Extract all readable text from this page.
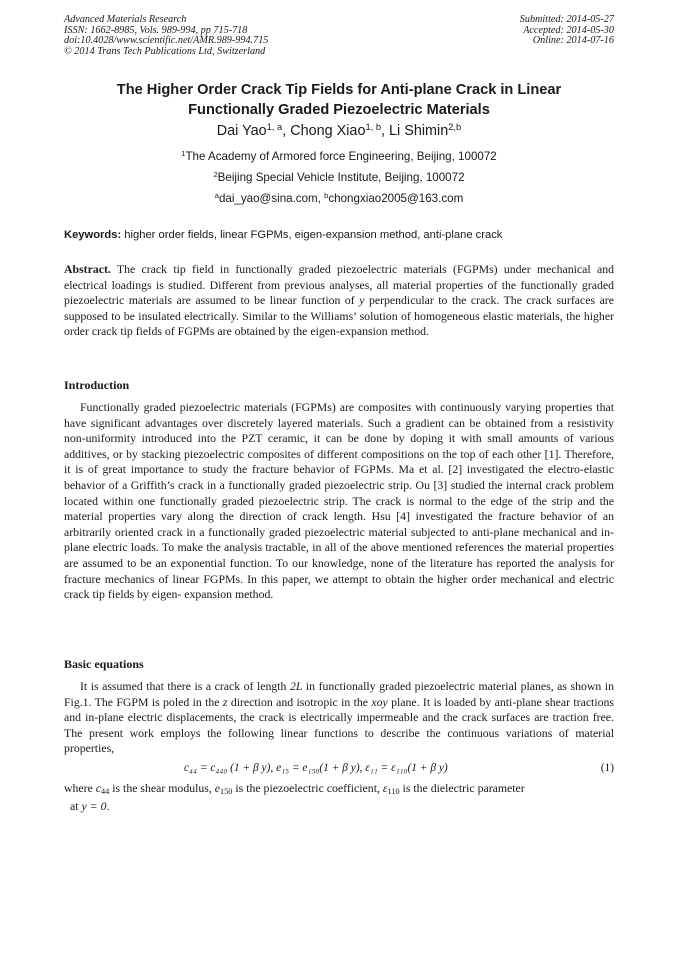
Advanced Materials Research
ISSN: 1662-8985, Vols. 989-994, pp 715-718
doi:10.4028/www.scientific.net/AMR.989-994.715
© 2014 Trans Tech Publications Ltd, Switzerland
Submitted: 2014-05-27
Accepted: 2014-05-30
Online: 2014-07-16
The Higher Order Crack Tip Fields for Anti-plane Crack in Linear
Functionally Graded Piezoelectric Materials
Dai Yao$^{1, a}$, Chong Xiao$^{1, b}$, Li Shimin$^{2,b}$
$^1$The Academy of Armored force Engineering, Beijing, 100072
$^2$Beijing Special Vehicle Institute, Beijing, 100072
$^a$dai_yao@sina.com, $^b$chongxiao2005@163.com
Keywords: higher order fields, linear FGPMs, eigen-expansion method, anti-plane crack
Abstract. The crack tip field in functionally graded piezoelectric materials (FGPMs) under mechanical and electrical loadings is studied. Different from previous analyses, all material properties of the functionally graded piezoelectric materials are assumed to be linear function of y perpendicular to the crack. The crack surfaces are supposed to be insulated electrically. Similar to the Williams’ solution of homogeneous elastic materials, the higher order crack tip fields of FGPMs are obtained by the eigen-expansion method.
Introduction
Functionally graded piezoelectric materials (FGPMs) are composites with continuously varying properties that have significant advantages over discretely layered materials. Such a gradient can be obtained from a resistivity non-uniformity introduced into the PZT ceramic, it can be done by doping it with small amounts of various additives, or by stacking piezoelectric composites of different compositions on the top of each other [1]. Therefore, it is of great importance to study the fracture behavior of FGPMs. Ma et al. [2] investigated the electro-elastic behavior of a Griffith’s crack in a functionally graded piezoelectric strip. Ou [3] studied the internal crack problem located within one functionally graded piezoelectric strip. The crack is normal to the edge of the strip and the material properties vary along the direction of crack length. Hsu [4] investigated the fracture behavior of an arbitrarily oriented crack in a functionally graded piezoelectric material subjected to anti-plane mechanical and in-plane electric loads. To make the analysis tractable, in all of the above mentioned references the material properties are assumed to be an exponential function. To our knowledge, none of the literature has reported the analysis for fracture mechanics of linear FGPMs. In this paper, we attempt to obtain the higher order mechanical and electric crack tip fields by eigen- expansion method.
Basic equations
It is assumed that there is a crack of length 2L in functionally graded piezoelectric material planes, as shown in Fig.1. The FGPM is poled in the z direction and isotropic in the xoy plane. It is loaded by anti-plane shear tractions and in-plane electric displacements, the crack is electrically impermeable and the crack surfaces are traction free. The present work employs the following linear functions to describe the continuous variations of material properties,
c₄₄ = c₄₄₀ (1 + β y), e₁₅ = e₁₅₀(1 + β y), ε₁₁ = ε₁₁₀(1 + β y)	(1)
where $c_{44}$ is the shear modulus, $e_{150}$ is the piezoelectric coefficient, $\varepsilon_{110}$ is the dielectric parameter
at y = 0.
